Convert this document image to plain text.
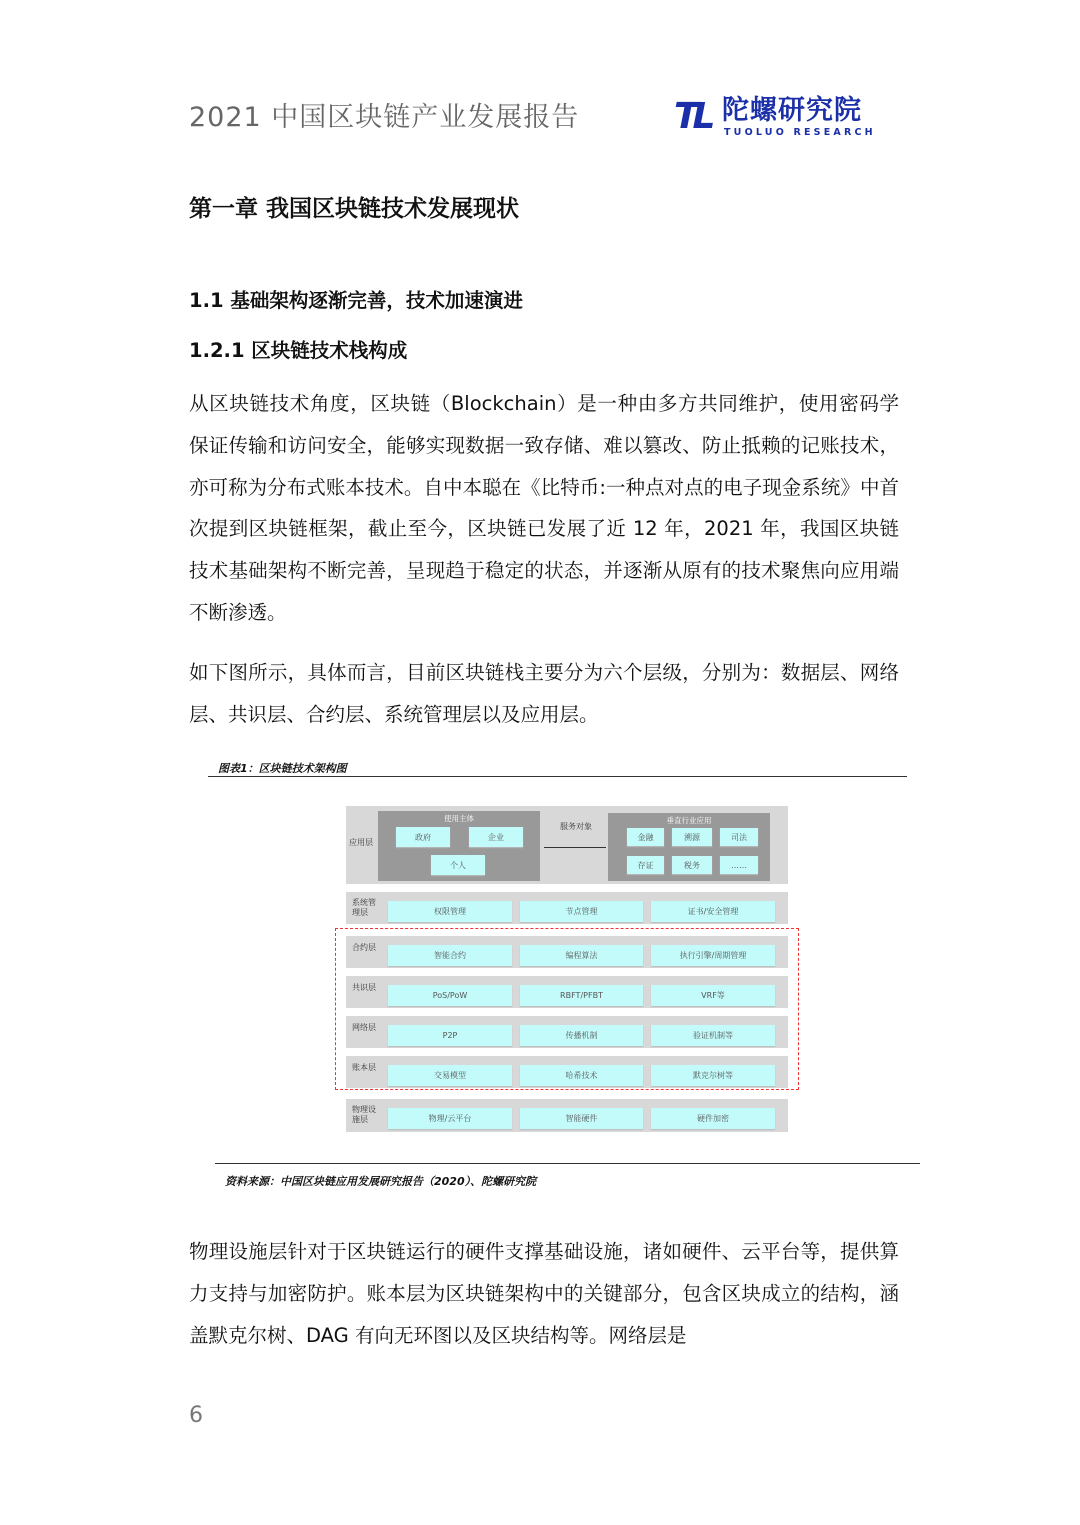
2021 中国区块链产业发展报告	TL 陀螺研究院
TUOLUO RESEARCH
第一章 我国区块链技术发展现状
1.1 基础架构逐渐完善，技术加速演进
1.2.1 区块链技术栈构成

从区块链技术角度，区块链（Blockchain）是一种由多方共同维护，使用密码学保证传输和访问安全，能够实现数据一致存储、难以篡改、防止抵赖的记账技术，亦可称为分布式账本技术。自中本聪在《比特币:一种点对点的电子现金系统》中首次提到区块链框架，截止至今，区块链已发展了近 12 年，2021 年，我国区块链技术基础架构不断完善，呈现趋于稳定的状态，并逐渐从原有的技术聚焦向应用端不断渗透。

如下图所示，具体而言，目前区块链栈主要分为六个层级，分别为：数据层、网络层、共识层、合约层、系统管理层以及应用层。

图表1：区块链技术架构图
应用层
使用主体
政府	企业
个人
服务对象
垂直行业应用
金融	溯源	司法
存证	税务	……
系统管理层	权限管理	节点管理	证书/安全管理
合约层
智能合约	编程算法	执行引擎/周期管理
共识层
PoS/PoW	RBFT/PFBT	VRF等
网络层
P2P	传播机制	验证机制等
账本层
交易模型	哈希技术	默克尔树等
物理设施层	物理/云平台	智能硬件	硬件加密
资料来源：中国区块链应用发展研究报告（2020）、陀螺研究院

物理设施层针对于区块链运行的硬件支撑基础设施，诸如硬件、云平台等，提供算力支持与加密防护。账本层为区块链架构中的关键部分，包含区块成立的结构，涵盖默克尔树、DAG 有向无环图以及区块结构等。网络层是

6
